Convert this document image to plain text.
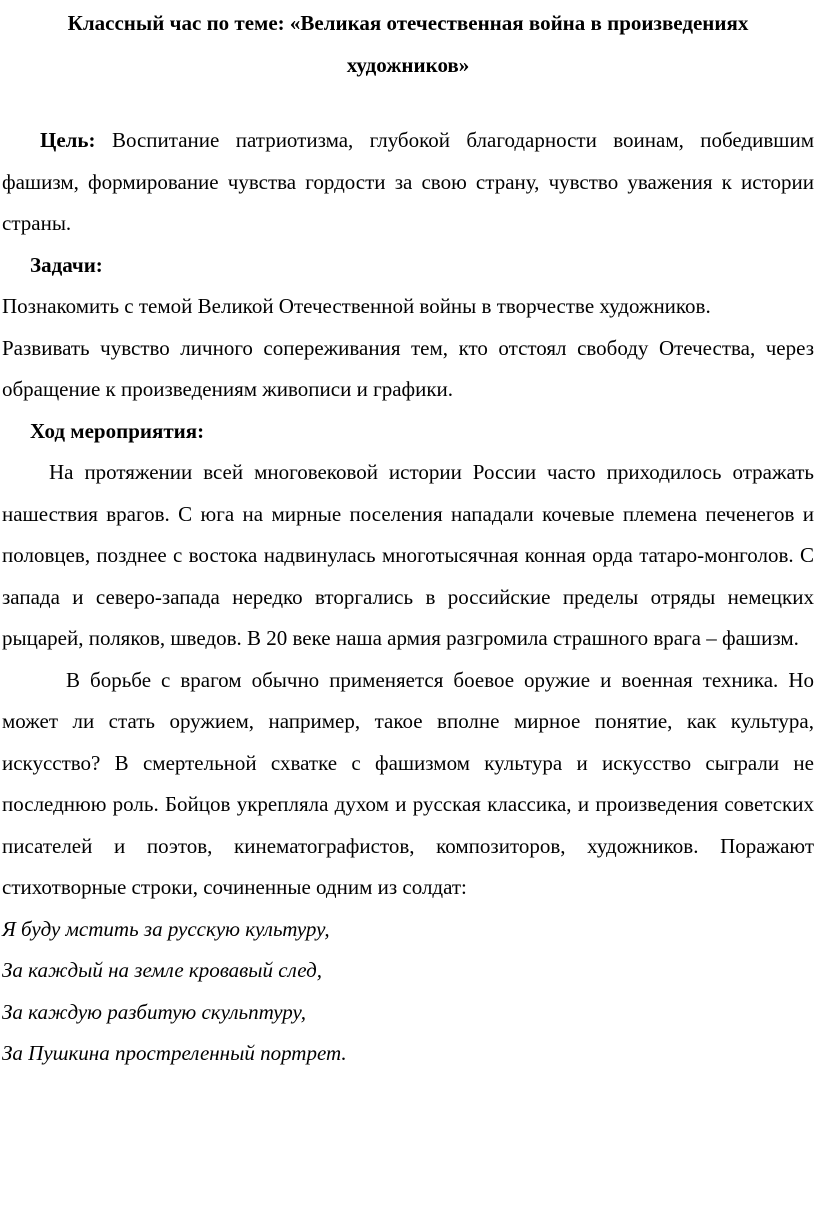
Классный час по теме: «Великая отечественная война в произведениях
художников»

Цель: Воспитание патриотизма, глубокой благодарности воинам, победившим фашизм, формирование чувства гордости за свою страну, чувство уважения к истории страны.

Задачи:

Познакомить с темой Великой Отечественной войны в творчестве художников.

Развивать чувство личного сопереживания тем, кто отстоял свободу Отечества, через обращение к произведениям живописи и графики.

Ход мероприятия:

На протяжении всей многовековой истории России часто приходилось отражать нашествия врагов. С юга на мирные поселения нападали кочевые племена печенегов и половцев, позднее с востока надвинулась многотысячная конная орда татаро-монголов. С запада и северо-запада нередко вторгались в российские пределы отряды немецких рыцарей, поляков, шведов. В 20 веке наша армия разгромила страшного врага – фашизм.

В борьбе с врагом обычно применяется боевое оружие и военная техника. Но может ли стать оружием, например, такое вполне мирное понятие, как культура, искусство? В смертельной схватке с фашизмом культура и искусство сыграли не последнюю роль. Бойцов укрепляла духом и русская классика, и произведения советских писателей и поэтов, кинематографистов, композиторов, художников. Поражают стихотворные строки, сочиненные одним из солдат:

Я буду мстить за русскую культуру,
За каждый на земле кровавый след,
За каждую разбитую скульптуру,
За Пушкина простреленный портрет.
